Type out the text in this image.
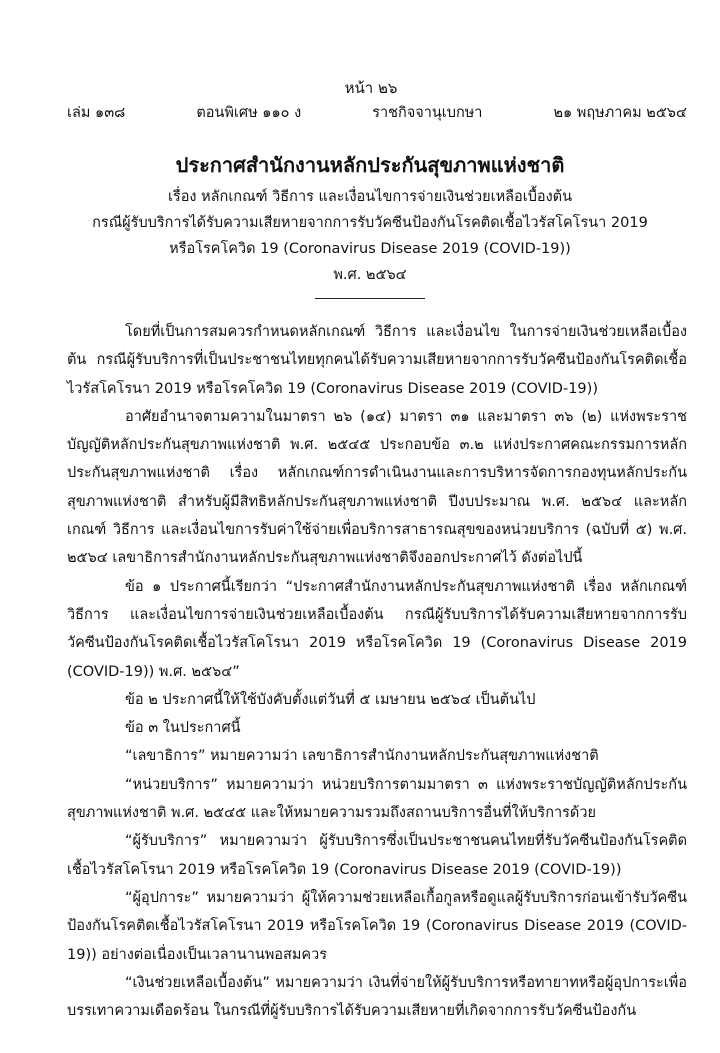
หน้า ๒๖
เล่ม ๑๓๘	ตอนพิเศษ ๑๑๐ ง	ราชกิจจานุเบกษา	๒๑ พฤษภาคม ๒๕๖๔
ประกาศสำนักงานหลักประกันสุขภาพแห่งชาติ
เรื่อง หลักเกณฑ์ วิธีการ และเงื่อนไขการจ่ายเงินช่วยเหลือเบื้องต้น
กรณีผู้รับบริการได้รับความเสียหายจากการรับวัคซีนป้องกันโรคติดเชื้อไวรัสโคโรนา 2019
หรือโรคโควิด 19 (Coronavirus Disease 2019 (COVID-19))
พ.ศ. ๒๕๖๔

โดยที่เป็นการสมควรกำหนดหลักเกณฑ์ วิธีการ และเงื่อนไข ในการจ่ายเงินช่วยเหลือเบื้องต้น กรณีผู้รับบริการที่เป็นประชาชนไทยทุกคนได้รับความเสียหายจากการรับวัคซีนป้องกันโรคติดเชื้อไวรัสโคโรนา 2019 หรือโรคโควิด 19 (Coronavirus Disease 2019 (COVID-19))

อาศัยอำนาจตามความในมาตรา ๒๖ (๑๔) มาตรา ๓๑ และมาตรา ๓๖ (๒) แห่งพระราชบัญญัติหลักประกันสุขภาพแห่งชาติ พ.ศ. ๒๕๔๕ ประกอบข้อ ๓.๒ แห่งประกาศคณะกรรมการหลักประกันสุขภาพแห่งชาติ เรื่อง หลักเกณฑ์การดำเนินงานและการบริหารจัดการกองทุนหลักประกันสุขภาพแห่งชาติ สำหรับผู้มีสิทธิหลักประกันสุขภาพแห่งชาติ ปีงบประมาณ พ.ศ. ๒๕๖๔ และหลักเกณฑ์ วิธีการ และเงื่อนไขการรับค่าใช้จ่ายเพื่อบริการสาธารณสุขของหน่วยบริการ (ฉบับที่ ๕) พ.ศ. ๒๕๖๔ เลขาธิการสำนักงานหลักประกันสุขภาพแห่งชาติจึงออกประกาศไว้ ดังต่อไปนี้

ข้อ ๑ ประกาศนี้เรียกว่า “ประกาศสำนักงานหลักประกันสุขภาพแห่งชาติ เรื่อง หลักเกณฑ์ วิธีการ และเงื่อนไขการจ่ายเงินช่วยเหลือเบื้องต้น กรณีผู้รับบริการได้รับความเสียหายจากการรับวัคซีนป้องกันโรคติดเชื้อไวรัสโคโรนา 2019 หรือโรคโควิด 19 (Coronavirus Disease 2019 (COVID-19)) พ.ศ. ๒๕๖๔”

ข้อ ๒ ประกาศนี้ให้ใช้บังคับตั้งแต่วันที่ ๕ เมษายน ๒๕๖๔ เป็นต้นไป

ข้อ ๓ ในประกาศนี้

“เลขาธิการ” หมายความว่า เลขาธิการสำนักงานหลักประกันสุขภาพแห่งชาติ

“หน่วยบริการ” หมายความว่า หน่วยบริการตามมาตรา ๓ แห่งพระราชบัญญัติหลักประกันสุขภาพแห่งชาติ พ.ศ. ๒๕๔๕ และให้หมายความรวมถึงสถานบริการอื่นที่ให้บริการด้วย

“ผู้รับบริการ” หมายความว่า ผู้รับบริการซึ่งเป็นประชาชนคนไทยที่รับวัคซีนป้องกันโรคติดเชื้อไวรัสโคโรนา 2019 หรือโรคโควิด 19 (Coronavirus Disease 2019 (COVID-19))

“ผู้อุปการะ” หมายความว่า ผู้ให้ความช่วยเหลือเกื้อกูลหรือดูแลผู้รับบริการก่อนเข้ารับวัคซีนป้องกันโรคติดเชื้อไวรัสโคโรนา 2019 หรือโรคโควิด 19 (Coronavirus Disease 2019 (COVID-19)) อย่างต่อเนื่องเป็นเวลานานพอสมควร

“เงินช่วยเหลือเบื้องต้น” หมายความว่า เงินที่จ่ายให้ผู้รับบริการหรือทายาทหรือผู้อุปการะเพื่อบรรเทาความเดือดร้อน ในกรณีที่ผู้รับบริการได้รับความเสียหายที่เกิดจากการรับวัคซีนป้องกัน
